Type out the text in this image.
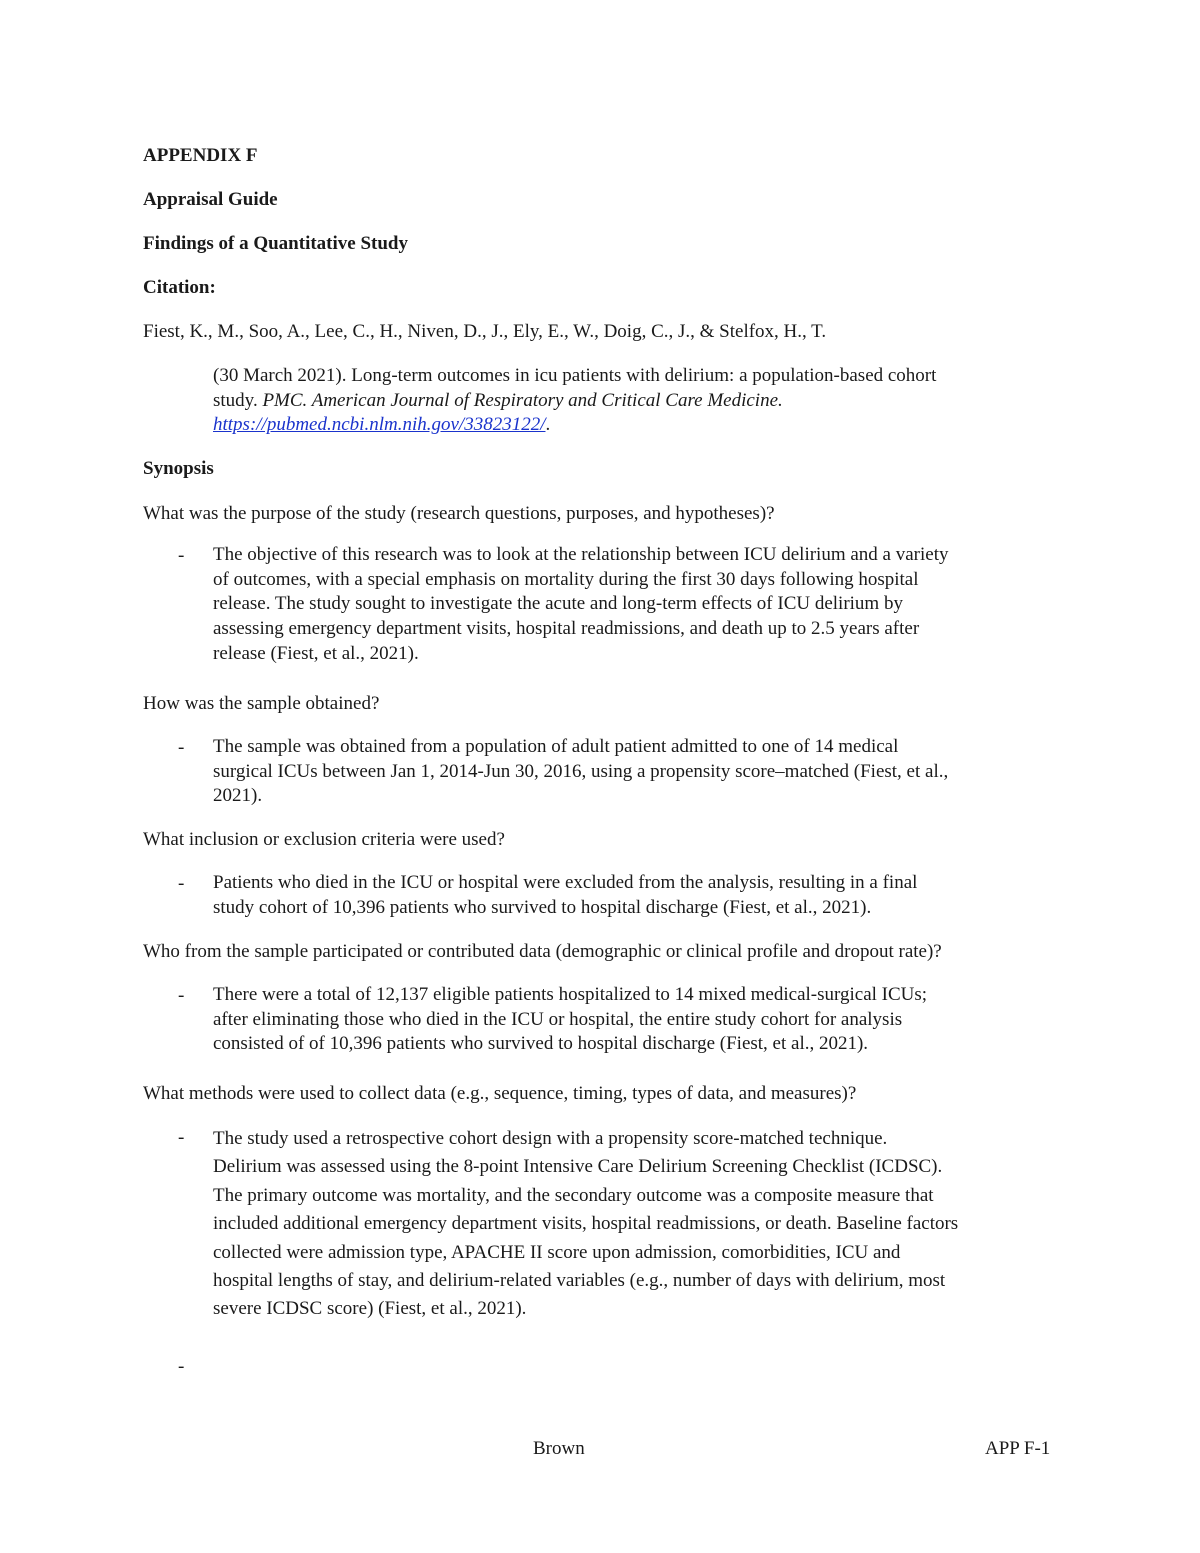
APPENDIX F

Appraisal Guide

Findings of a Quantitative Study

Citation:

Fiest, K., M., Soo, A., Lee, C., H., Niven, D., J., Ely, E., W., Doig, C., J., & Stelfox, H., T.

(30 March 2021). Long-term outcomes in icu patients with delirium: a population-based cohort
study. PMC. American Journal of Respiratory and Critical Care Medicine.
https://pubmed.ncbi.nlm.nih.gov/33823122/.

Synopsis

What was the purpose of the study (research questions, purposes, and hypotheses)?

- The objective of this research was to look at the relationship between ICU delirium and a variety
of outcomes, with a special emphasis on mortality during the first 30 days following hospital
release. The study sought to investigate the acute and long-term effects of ICU delirium by
assessing emergency department visits, hospital readmissions, and death up to 2.5 years after
release (Fiest, et al., 2021).

How was the sample obtained?

- The sample was obtained from a population of adult patient admitted to one of 14 medical
surgical ICUs between Jan 1, 2014-Jun 30, 2016, using a propensity score–matched (Fiest, et al.,
2021).

What inclusion or exclusion criteria were used?

- Patients who died in the ICU or hospital were excluded from the analysis, resulting in a final
study cohort of 10,396 patients who survived to hospital discharge (Fiest, et al., 2021).

Who from the sample participated or contributed data (demographic or clinical profile and dropout rate)?

- There were a total of 12,137 eligible patients hospitalized to 14 mixed medical-surgical ICUs;
after eliminating those who died in the ICU or hospital, the entire study cohort for analysis
consisted of of 10,396 patients who survived to hospital discharge (Fiest, et al., 2021).

What methods were used to collect data (e.g., sequence, timing, types of data, and measures)?

- The study used a retrospective cohort design with a propensity score-matched technique.
Delirium was assessed using the 8-point Intensive Care Delirium Screening Checklist (ICDSC).
The primary outcome was mortality, and the secondary outcome was a composite measure that
included additional emergency department visits, hospital readmissions, or death. Baseline factors
collected were admission type, APACHE II score upon admission, comorbidities, ICU and
hospital lengths of stay, and delirium-related variables (e.g., number of days with delirium, most
severe ICDSC score) (Fiest, et al., 2021).
-

Brown	APP F-1
